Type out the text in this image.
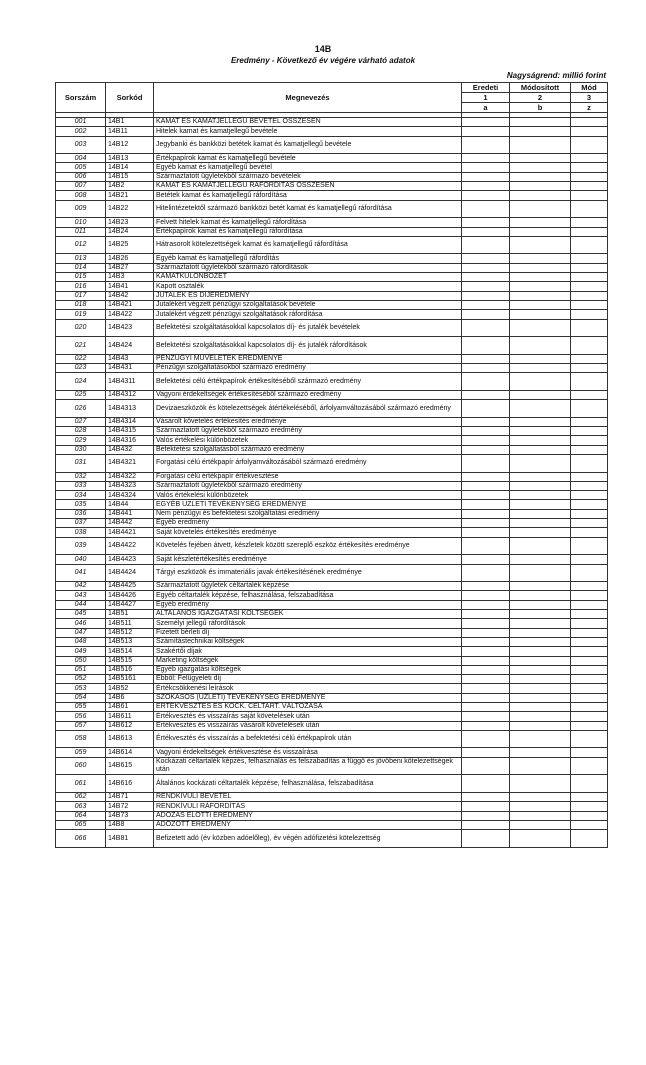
14B
Eredmény - Következő év végére várható adatok
Nagyságrend: millió forint
Sorszám	Sorkód	Megnevezés	Eredeti	Módosított	Mód
			1	2	3
			a	b	z

001	14B1	KAMAT ÉS KAMATJELLEGŰ BEVÉTEL ÖSSZESEN			
002	14B11	Hitelek kamat és kamatjellegű bevétele			
003	14B12	Jegybanki és bankközi betétek kamat és kamatjellegű bevétele			
004	14B13	Értékpapírok kamat és kamatjellegű bevétele			
005	14B14	Egyéb kamat és kamatjellegű bevétel			
006	14B15	Származtatott ügyletekből származó bevételek			
007	14B2	KAMAT ÉS KAMATJELLEGŰ RÁFORDÍTÁS ÖSSZESEN			
008	14B21	Betétek kamat és kamatjellegű ráfordítása			
009	14B22	Hitelintézetektől származó bankközi betét kamat és kamatjellegű ráfordítása			
010	14B23	Felvett hitelek kamat és kamatjellegű ráfordítása			
011	14B24	Értékpapírok kamat és kamatjellegű ráfordítása			
012	14B25	Hátrasorolt kötelezettségek kamat és kamatjellegű ráfordítása			
013	14B26	Egyéb kamat és kamatjellegű ráfordítás			
014	14B27	Származtatott ügyletekből származó ráfordítások			
015	14B3	KAMATKÜLÖNBÖZET			
016	14B41	Kapott osztalék			
017	14B42	JUTALÉK ÉS DÍJEREDMÉNY			
018	14B421	Jutalékért végzett pénzügyi szolgáltatások bevétele			
019	14B422	Jutalékért végzett pénzügyi szolgáltatások ráfordítása			
020	14B423	Befektetési szolgáltatásokkal kapcsolatos díj- és jutalék bevételek			
021	14B424	Befektetési szolgáltatásokkal kapcsolatos díj- és jutalék ráfordítások			
022	14B43	PÉNZÜGYI MŰVELETEK EREDMÉNYE			
023	14B431	Pénzügyi szolgáltatásokból származó eredmény			
024	14B4311	Befektetési célú értékpapírok értékesítéséből származó eredmény			
025	14B4312	Vagyoni érdekeltségek értékesítéséből származó eredmény			
026	14B4313	Devizaeszközök és kötelezettségek átértékeléséből, árfolyamváltozásából származó eredmény			
027	14B4314	Vásárolt követelés értékesítés eredménye			
028	14B4315	Származtatott ügyletekből származó eredmény			
029	14B4316	Valós értékelési különbözetek			
030	14B432	Befektetési szolgáltatásból származó eredmény			
031	14B4321	Forgatási célú értékpapír árfolyamváltozásából származó eredmény			
032	14B4322	Forgatási célú értékpapír értékvesztése			
033	14B4323	Származtatott ügyletekből származó eredmény			
034	14B4324	Valós értékelési különbözetek			
035	14B44	EGYÉB ÜZLETI TEVÉKENYSÉG EREDMÉNYE			
036	14B441	Nem pénzügyi és befektetési szolgáltatási eredmény			
037	14B442	Egyéb eredmény			
038	14B4421	Saját követelés értékesítés eredménye			
039	14B4422	Követelés fejében átvett, készletek között szereplő eszköz értékesítés eredménye			
040	14B4423	Saját készletértékesítés eredménye			
041	14B4424	Tárgyi eszközök és immateriális javak értékesítésének eredménye			
042	14B4425	Származtatott ügyletek céltartalék képzése			
043	14B4426	Egyéb céltartalék képzése, felhasználása, felszabadítása			
044	14B4427	Egyéb eredmény			
045	14B51	ÁLTALÁNOS IGAZGATÁSI KÖLTSÉGEK			
046	14B511	Személyi jellegű ráfordítások			
047	14B512	Fizetett bérleti díj			
048	14B513	Számítástechnikai költségek			
049	14B514	Szakértői díjak			
050	14B515	Marketing költségek			
051	14B516	Egyéb igazgatási költségek			
052	14B5161	Ebből: Felügyeleti díj			
053	14B52	Értékcsökkenési leírások			
054	14B6	SZOKÁSOS (ÜZLETI) TEVÉKENYSÉG EREDMÉNYE			
055	14B61	ÉRTÉKVESZTÉS ÉS KOCK. CÉLTART. VÁLTOZÁSA			
056	14B611	Értékvesztés és visszaírás saját követelések után			
057	14B612	Értékvesztés és visszaírás vásárolt követelések után			
058	14B613	Értékvesztés és visszaírás a befektetési célú értékpapírok után			
059	14B614	Vagyoni érdekeltségek értékvesztése és visszaírása			
060	14B615	Kockázati céltartalék képzés, felhasználás és felszabadítás a függő és jövőbeni kötelezettségek után			
061	14B616	Általános kockázati céltartalék képzése, felhasználása, felszabadítása			
062	14B71	RENDKÍVÜLI BEVÉTEL			
063	14B72	RENDKÍVÜLI RÁFORDÍTÁS			
064	14B73	ADÓZÁS ELŐTTI EREDMÉNY			
065	14B8	ADÓZOTT EREDMÉNY			
066	14B81	Befizetett adó (év közben adóelőleg), év végén adófizetési kötelezettség			
